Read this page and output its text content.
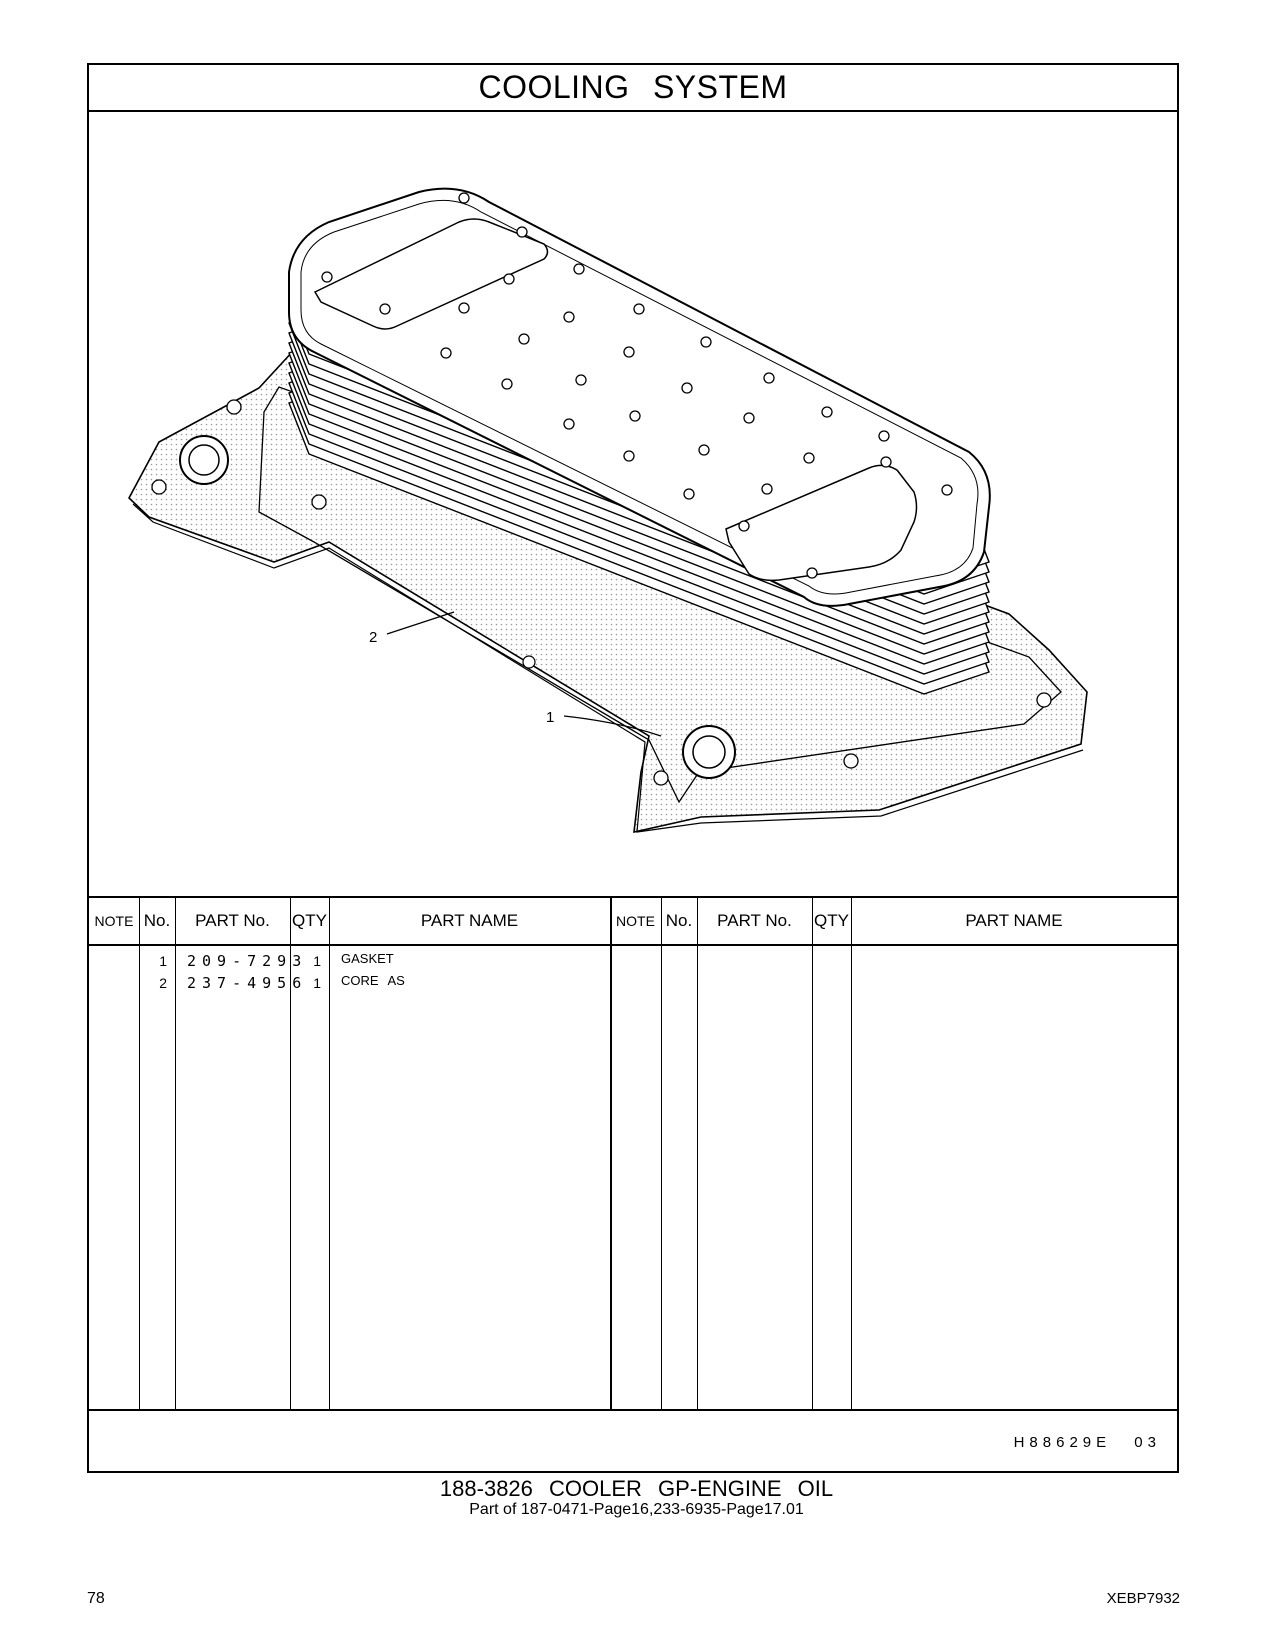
COOLING SYSTEM
2
1
NOTE No.	PART No.	QTY	PART NAME	NOTE No.	PART No.	QTY	PART NAME
1 209-7293 1 GASKET
2 237-4956 1 CORE AS
H88629E 03
188-3826 COOLER GP-ENGINE OIL
Part of 187-0471-Page16,233-6935-Page17.01
78	XEBP7932
